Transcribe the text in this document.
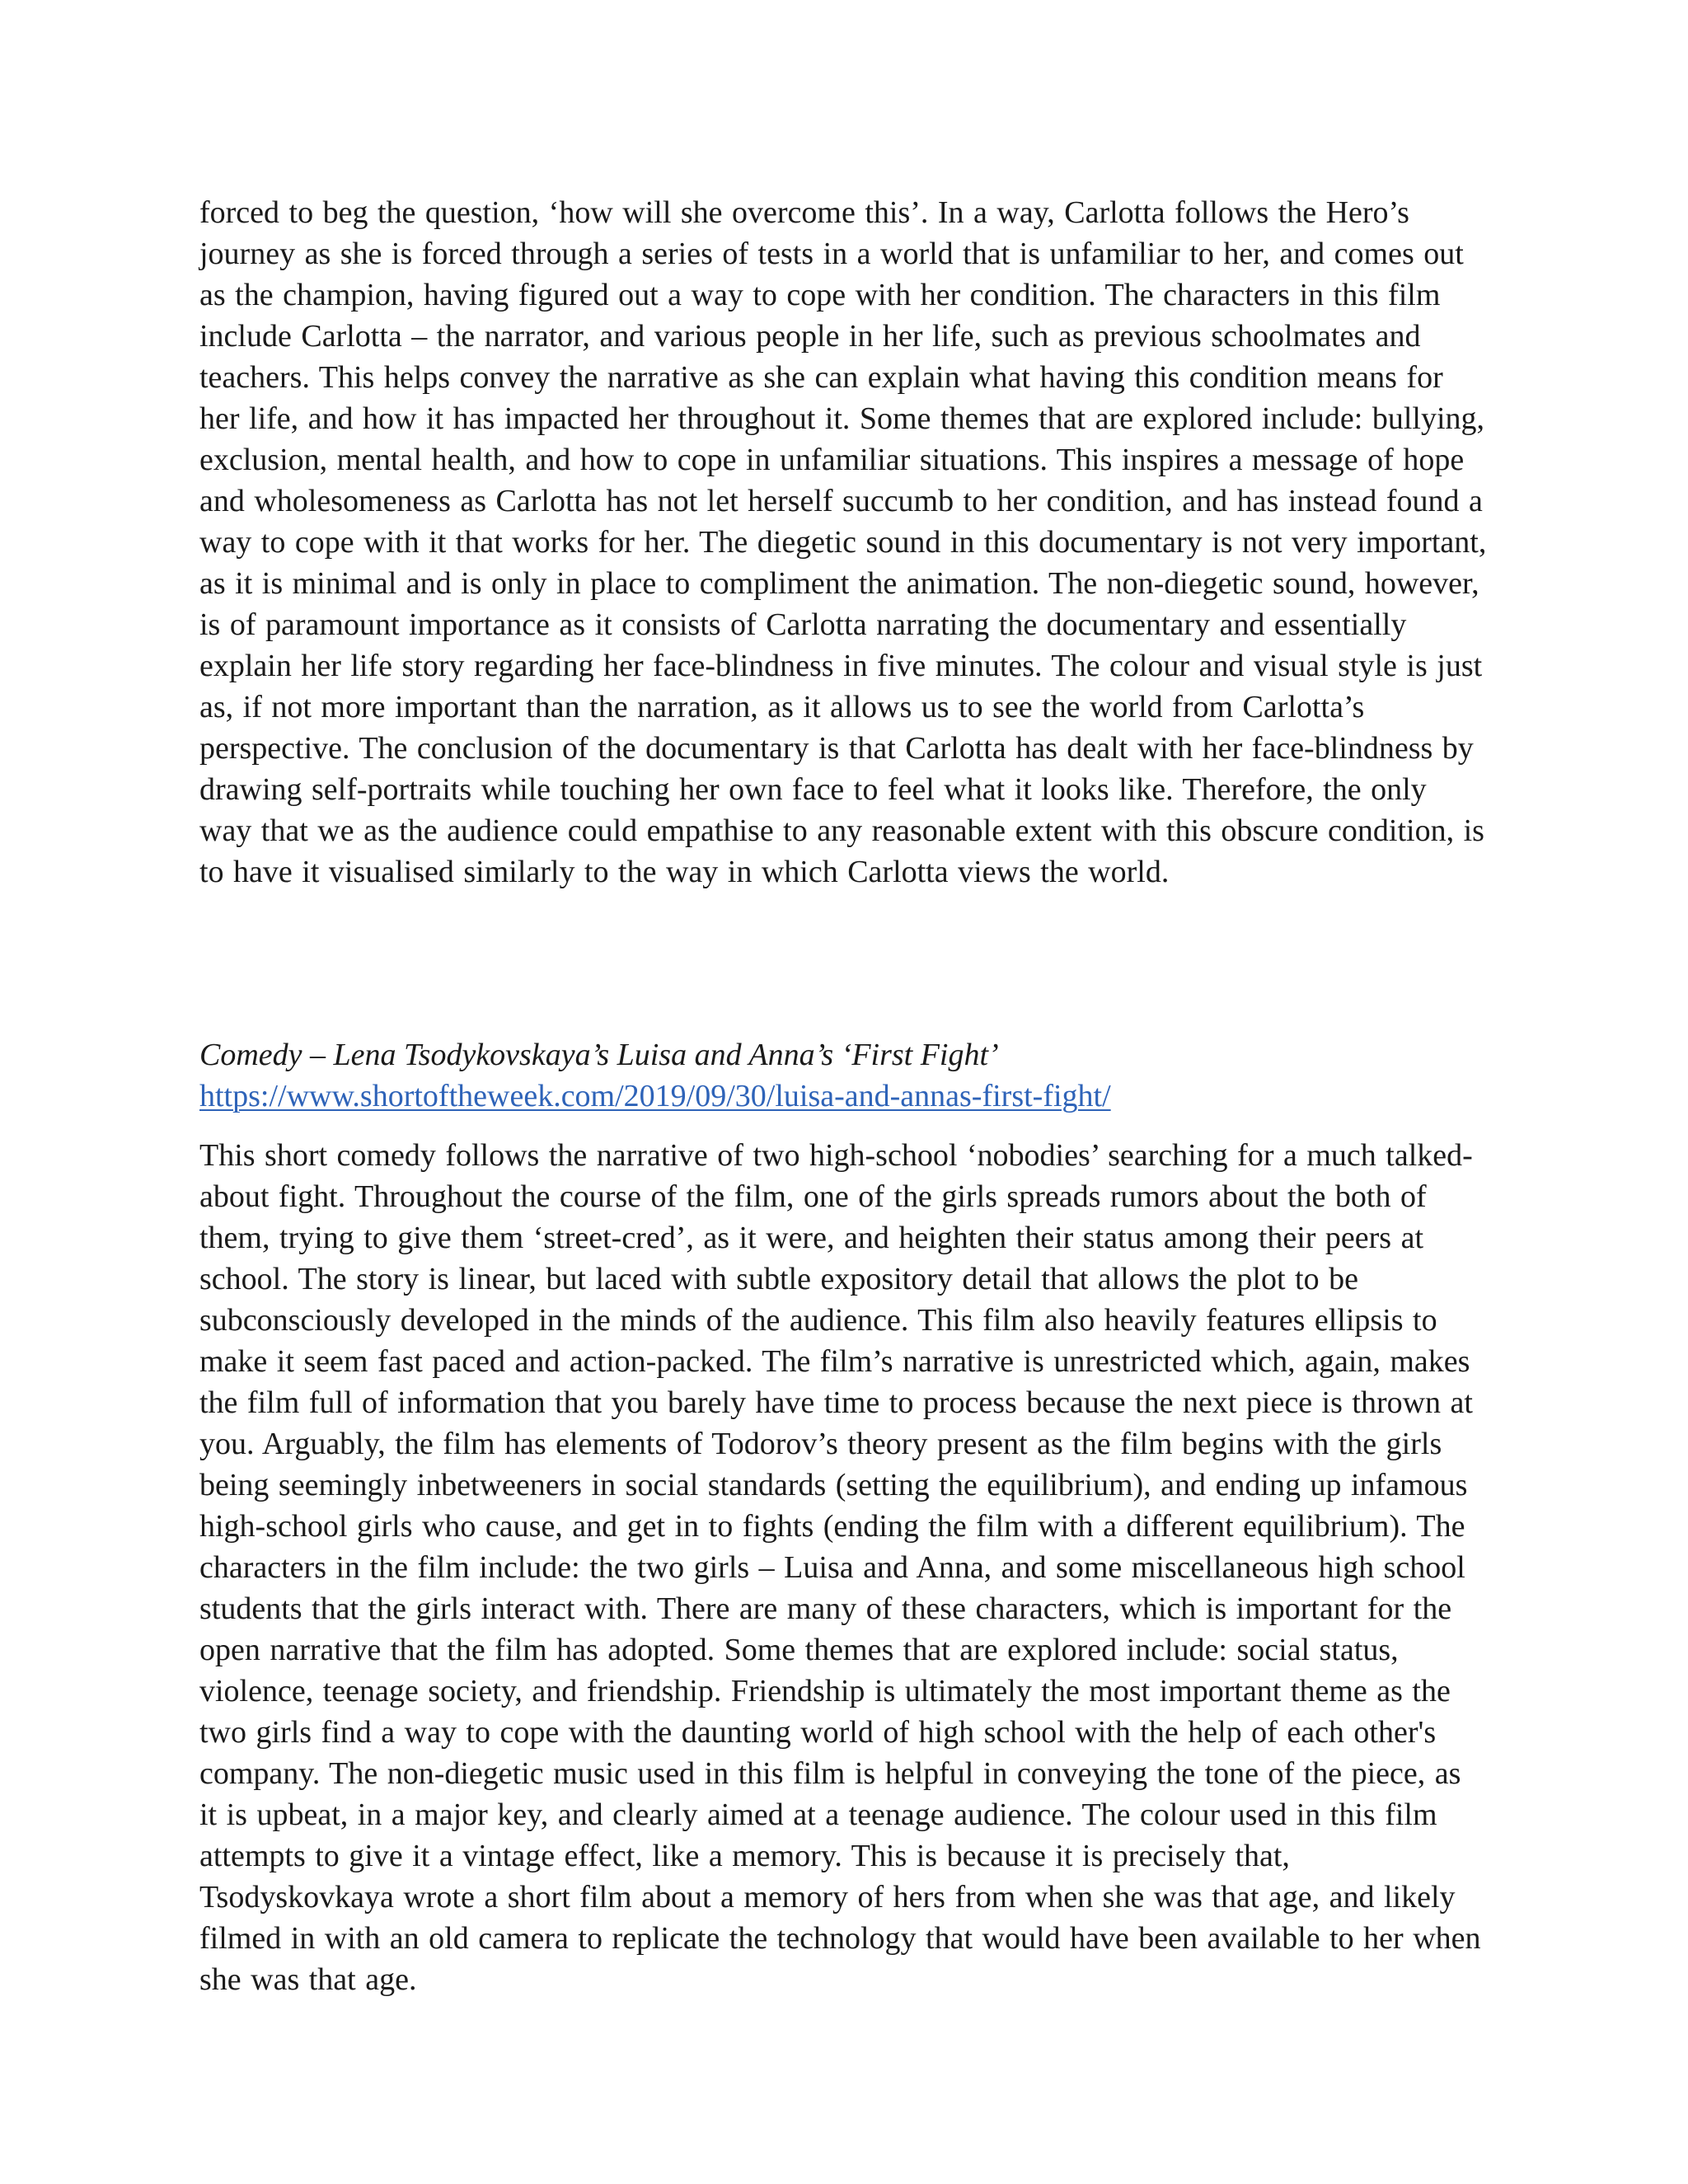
forced to beg the question, ‘how will she overcome this’. In a way, Carlotta follows the Hero’s journey as she is forced through a series of tests in a world that is unfamiliar to her, and comes out as the champion, having figured out a way to cope with her condition. The characters in this film include Carlotta – the narrator, and various people in her life, such as previous schoolmates and teachers. This helps convey the narrative as she can explain what having this condition means for her life, and how it has impacted her throughout it. Some themes that are explored include: bullying, exclusion, mental health, and how to cope in unfamiliar situations. This inspires a message of hope and wholesomeness as Carlotta has not let herself succumb to her condition, and has instead found a way to cope with it that works for her. The diegetic sound in this documentary is not very important, as it is minimal and is only in place to compliment the animation. The non-diegetic sound, however, is of paramount importance as it consists of Carlotta narrating the documentary and essentially explain her life story regarding her face-blindness in five minutes. The colour and visual style is just as, if not more important than the narration, as it allows us to see the world from Carlotta’s perspective. The conclusion of the documentary is that Carlotta has dealt with her face-blindness by drawing self-portraits while touching her own face to feel what it looks like. Therefore, the only way that we as the audience could empathise to any reasonable extent with this obscure condition, is to have it visualised similarly to the way in which Carlotta views the world.

Comedy – Lena Tsodykovskaya’s Luisa and Anna’s ‘First Fight’

https://www.shortoftheweek.com/2019/09/30/luisa-and-annas-first-fight/

This short comedy follows the narrative of two high-school ‘nobodies’ searching for a much talked-about fight. Throughout the course of the film, one of the girls spreads rumors about the both of them, trying to give them ‘street-cred’, as it were, and heighten their status among their peers at school. The story is linear, but laced with subtle expository detail that allows the plot to be subconsciously developed in the minds of the audience. This film also heavily features ellipsis to make it seem fast paced and action-packed. The film’s narrative is unrestricted which, again, makes the film full of information that you barely have time to process because the next piece is thrown at you. Arguably, the film has elements of Todorov’s theory present as the film begins with the girls being seemingly inbetweeners in social standards (setting the equilibrium), and ending up infamous high-school girls who cause, and get in to fights (ending the film with a different equilibrium). The characters in the film include: the two girls – Luisa and Anna, and some miscellaneous high school students that the girls interact with. There are many of these characters, which is important for the open narrative that the film has adopted. Some themes that are explored include: social status, violence, teenage society, and friendship. Friendship is ultimately the most important theme as the two girls find a way to cope with the daunting world of high school with the help of each other's company. The non-diegetic music used in this film is helpful in conveying the tone of the piece, as it is upbeat, in a major key, and clearly aimed at a teenage audience. The colour used in this film attempts to give it a vintage effect, like a memory. This is because it is precisely that, Tsodyskovkaya wrote a short film about a memory of hers from when she was that age, and likely filmed in with an old camera to replicate the technology that would have been available to her when she was that age.
